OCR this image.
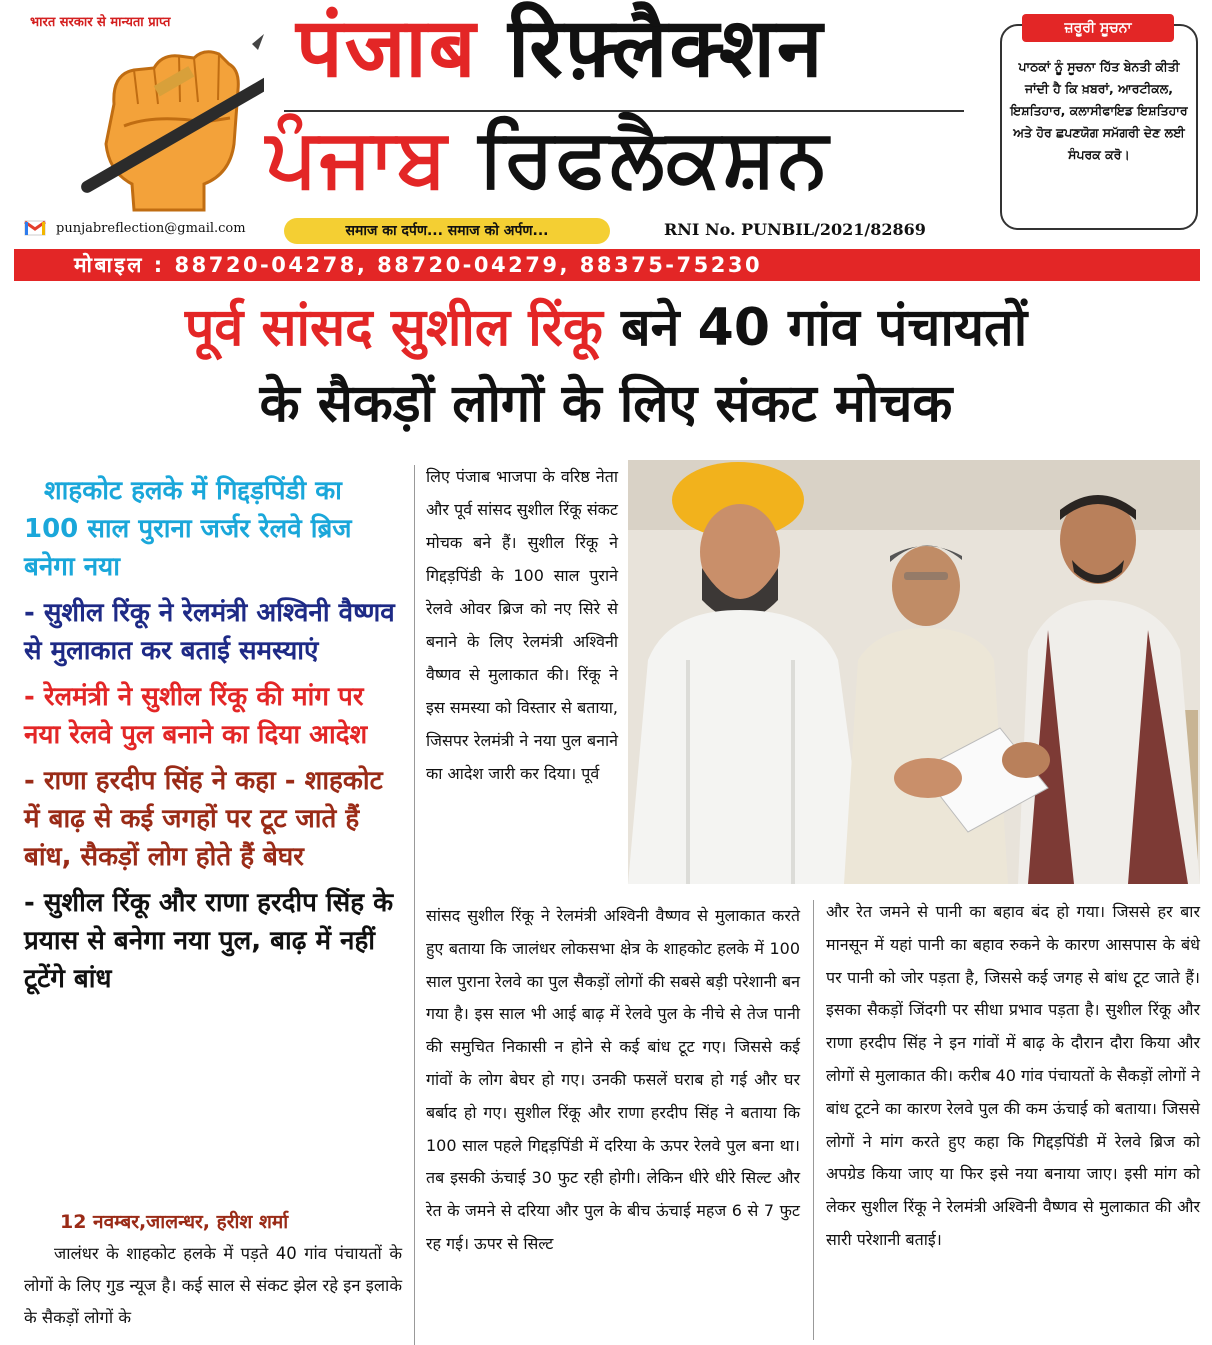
भारत सरकार से मान्यता प्राप्त
punjabreflection@gmail.com
पंजाब रिफ़्लैक्शन
ਪੰਜਾਬ ਰਿਫਲੈਕਸ਼ਨ
समाज का दर्पण... समाज को अर्पण...	RNI No. PUNBIL/2021/82869
ਜ਼ਰੂਰੀ ਸੂਚਨਾ
ਪਾਠਕਾਂ ਨੂੰ ਸੂਚਨਾ ਹਿੱਤ ਬੇਨਤੀ ਕੀਤੀ ਜਾਂਦੀ ਹੈ ਕਿ ਖ਼ਬਰਾਂ, ਆਰਟੀਕਲ, ਇਸ਼ਤਿਹਾਰ, ਕਲਾਸੀਫਾਇਡ ਇਸ਼ਤਿਹਾਰ ਅਤੇ ਹੋਰ ਛਪਣਯੋਗ ਸਮੱਗਰੀ ਦੇਣ ਲਈ ਸੰਪਰਕ ਕਰੋ।
मोबाइल : 88720-04278, 88720-04279, 88375-75230
पूर्व सांसद सुशील रिंकू बने 40 गांव पंचायतों
के सैकड़ों लोगों के लिए संकट मोचक
शाहकोट हलके में गिद्दड़पिंडी का 100 साल पुराना जर्जर रेलवे ब्रिज बनेगा नया
- सुशील रिंकू ने रेलमंत्री अश्विनी वैष्णव से मुलाकात कर बताई समस्याएं
- रेलमंत्री ने सुशील रिंकू की मांग पर नया रेलवे पुल बनाने का दिया आदेश
- राणा हरदीप सिंह ने कहा - शाहकोट में बाढ़ से कई जगहों पर टूट जाते हैं बांध, सैकड़ों लोग होते हैं बेघर
- सुशील रिंकू और राणा हरदीप सिंह के प्रयास से बनेगा नया पुल, बाढ़ में नहीं टूटेंगे बांध
12 नवम्बर,जालन्धर, हरीश शर्मा
जालंधर के शाहकोट हलके में पड़ते 40 गांव पंचायतों के लोगों के लिए गुड न्यूज है। कई साल से संकट झेल रहे इन इलाके के सैकड़ों लोगों के
लिए पंजाब भाजपा के वरिष्ठ नेता और पूर्व सांसद सुशील रिंकू संकट मोचक बने हैं। सुशील रिंकू ने गिद्दड़पिंडी के 100 साल पुराने रेलवे ओवर ब्रिज को नए सिरे से बनाने के लिए रेलमंत्री अश्विनी वैष्णव से मुलाकात की। रिंकू ने इस समस्या को विस्तार से बताया, जिसपर रेलमंत्री ने नया पुल बनाने का आदेश जारी कर दिया। पूर्व
सांसद सुशील रिंकू ने रेलमंत्री अश्विनी वैष्णव से मुलाकात करते हुए बताया कि जालंधर लोकसभा क्षेत्र के शाहकोट हलके में 100 साल पुराना रेलवे का पुल सैकड़ों लोगों की सबसे बड़ी परेशानी बन गया है। इस साल भी आई बाढ़ में रेलवे पुल के नीचे से तेज पानी की समुचित निकासी न होने से कई बांध टूट गए। जिससे कई गांवों के लोग बेघर हो गए। उनकी फसलें घराब हो गई और घर बर्बाद हो गए। सुशील रिंकू और राणा हरदीप सिंह ने बताया कि 100 साल पहले गिद्दड़पिंडी में दरिया के ऊपर रेलवे पुल बना था। तब इसकी ऊंचाई 30 फुट रही होगी। लेकिन धीरे धीरे सिल्ट और रेत के जमने से दरिया और पुल के बीच ऊंचाई महज 6 से 7 फुट रह गई। ऊपर से सिल्ट
और रेत जमने से पानी का बहाव बंद हो गया। जिससे हर बार मानसून में यहां पानी का बहाव रुकने के कारण आसपास के बंधे पर पानी को जोर पड़ता है, जिससे कई जगह से बांध टूट जाते हैं। इसका सैकड़ों जिंदगी पर सीधा प्रभाव पड़ता है। सुशील रिंकू और राणा हरदीप सिंह ने इन गांवों में बाढ़ के दौरान दौरा किया और लोगों से मुलाकात की। करीब 40 गांव पंचायतों के सैकड़ों लोगों ने बांध टूटने का कारण रेलवे पुल की कम ऊंचाई को बताया। जिससे लोगों ने मांग करते हुए कहा कि गिद्दड़पिंडी में रेलवे ब्रिज को अपग्रेड किया जाए या फिर इसे नया बनाया जाए। इसी मांग को लेकर सुशील रिंकू ने रेलमंत्री अश्विनी वैष्णव से मुलाकात की और सारी परेशानी बताई।
